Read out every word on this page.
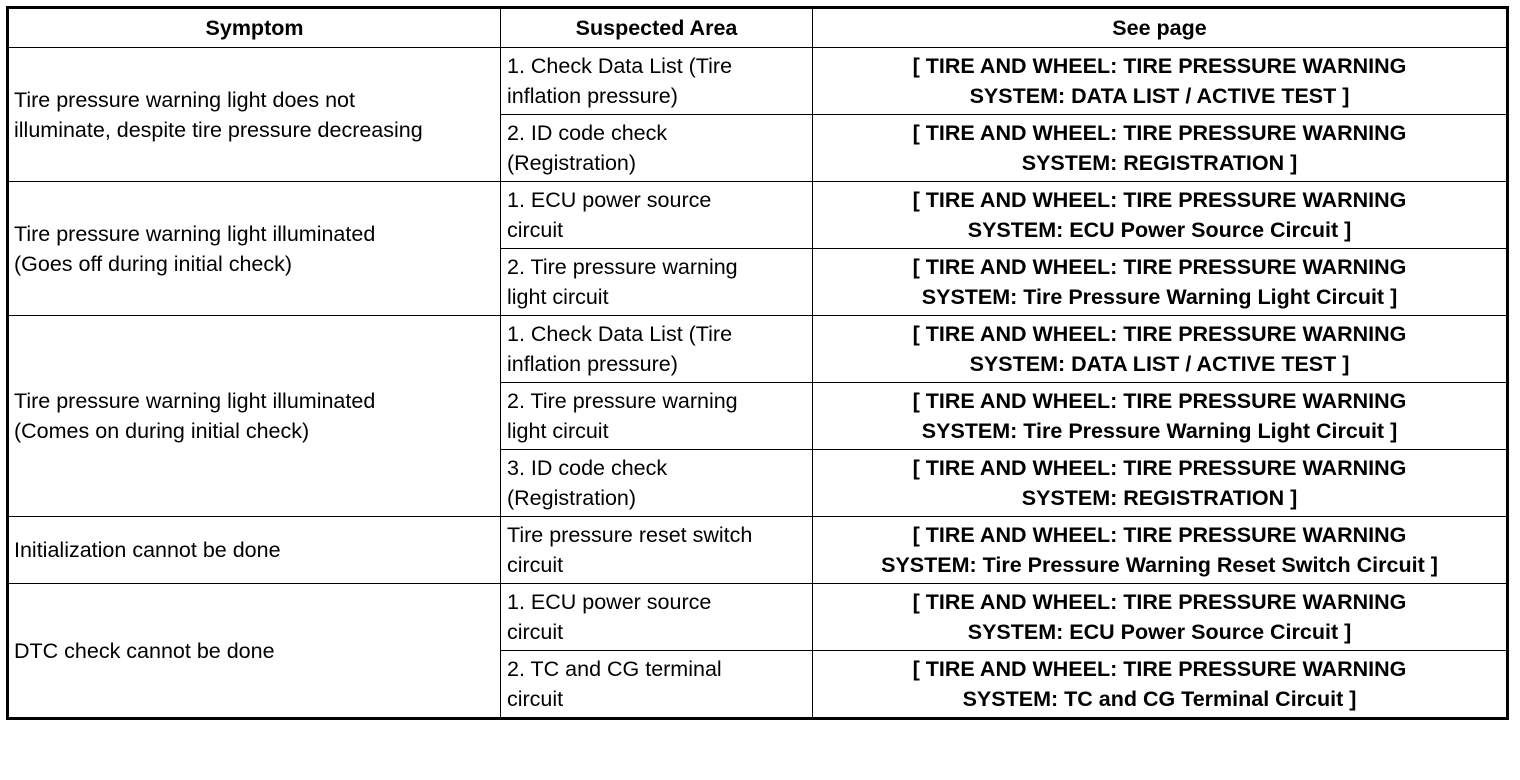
Symptom	Suspected Area	See page

Tire pressure warning light does not
illuminate, despite tire pressure decreasing	1. Check Data List (Tire
inflation pressure)	[ TIRE AND WHEEL: TIRE PRESSURE WARNING
SYSTEM: DATA LIST / ACTIVE TEST ]

	2. ID code check
(Registration)	[ TIRE AND WHEEL: TIRE PRESSURE WARNING
SYSTEM: REGISTRATION ]

Tire pressure warning light illuminated
(Goes off during initial check)	1. ECU power source
circuit	[ TIRE AND WHEEL: TIRE PRESSURE WARNING
SYSTEM: ECU Power Source Circuit ]

	2. Tire pressure warning
light circuit	[ TIRE AND WHEEL: TIRE PRESSURE WARNING
SYSTEM: Tire Pressure Warning Light Circuit ]

Tire pressure warning light illuminated
(Comes on during initial check)	1. Check Data List (Tire
inflation pressure)	[ TIRE AND WHEEL: TIRE PRESSURE WARNING
SYSTEM: DATA LIST / ACTIVE TEST ]

	2. Tire pressure warning
light circuit	[ TIRE AND WHEEL: TIRE PRESSURE WARNING
SYSTEM: Tire Pressure Warning Light Circuit ]

	3. ID code check
(Registration)	[ TIRE AND WHEEL: TIRE PRESSURE WARNING
SYSTEM: REGISTRATION ]

Initialization cannot be done	Tire pressure reset switch
circuit	[ TIRE AND WHEEL: TIRE PRESSURE WARNING
SYSTEM: Tire Pressure Warning Reset Switch Circuit ]

DTC check cannot be done	1. ECU power source
circuit	[ TIRE AND WHEEL: TIRE PRESSURE WARNING
SYSTEM: ECU Power Source Circuit ]

	2. TC and CG terminal
circuit	[ TIRE AND WHEEL: TIRE PRESSURE WARNING
SYSTEM: TC and CG Terminal Circuit ]
